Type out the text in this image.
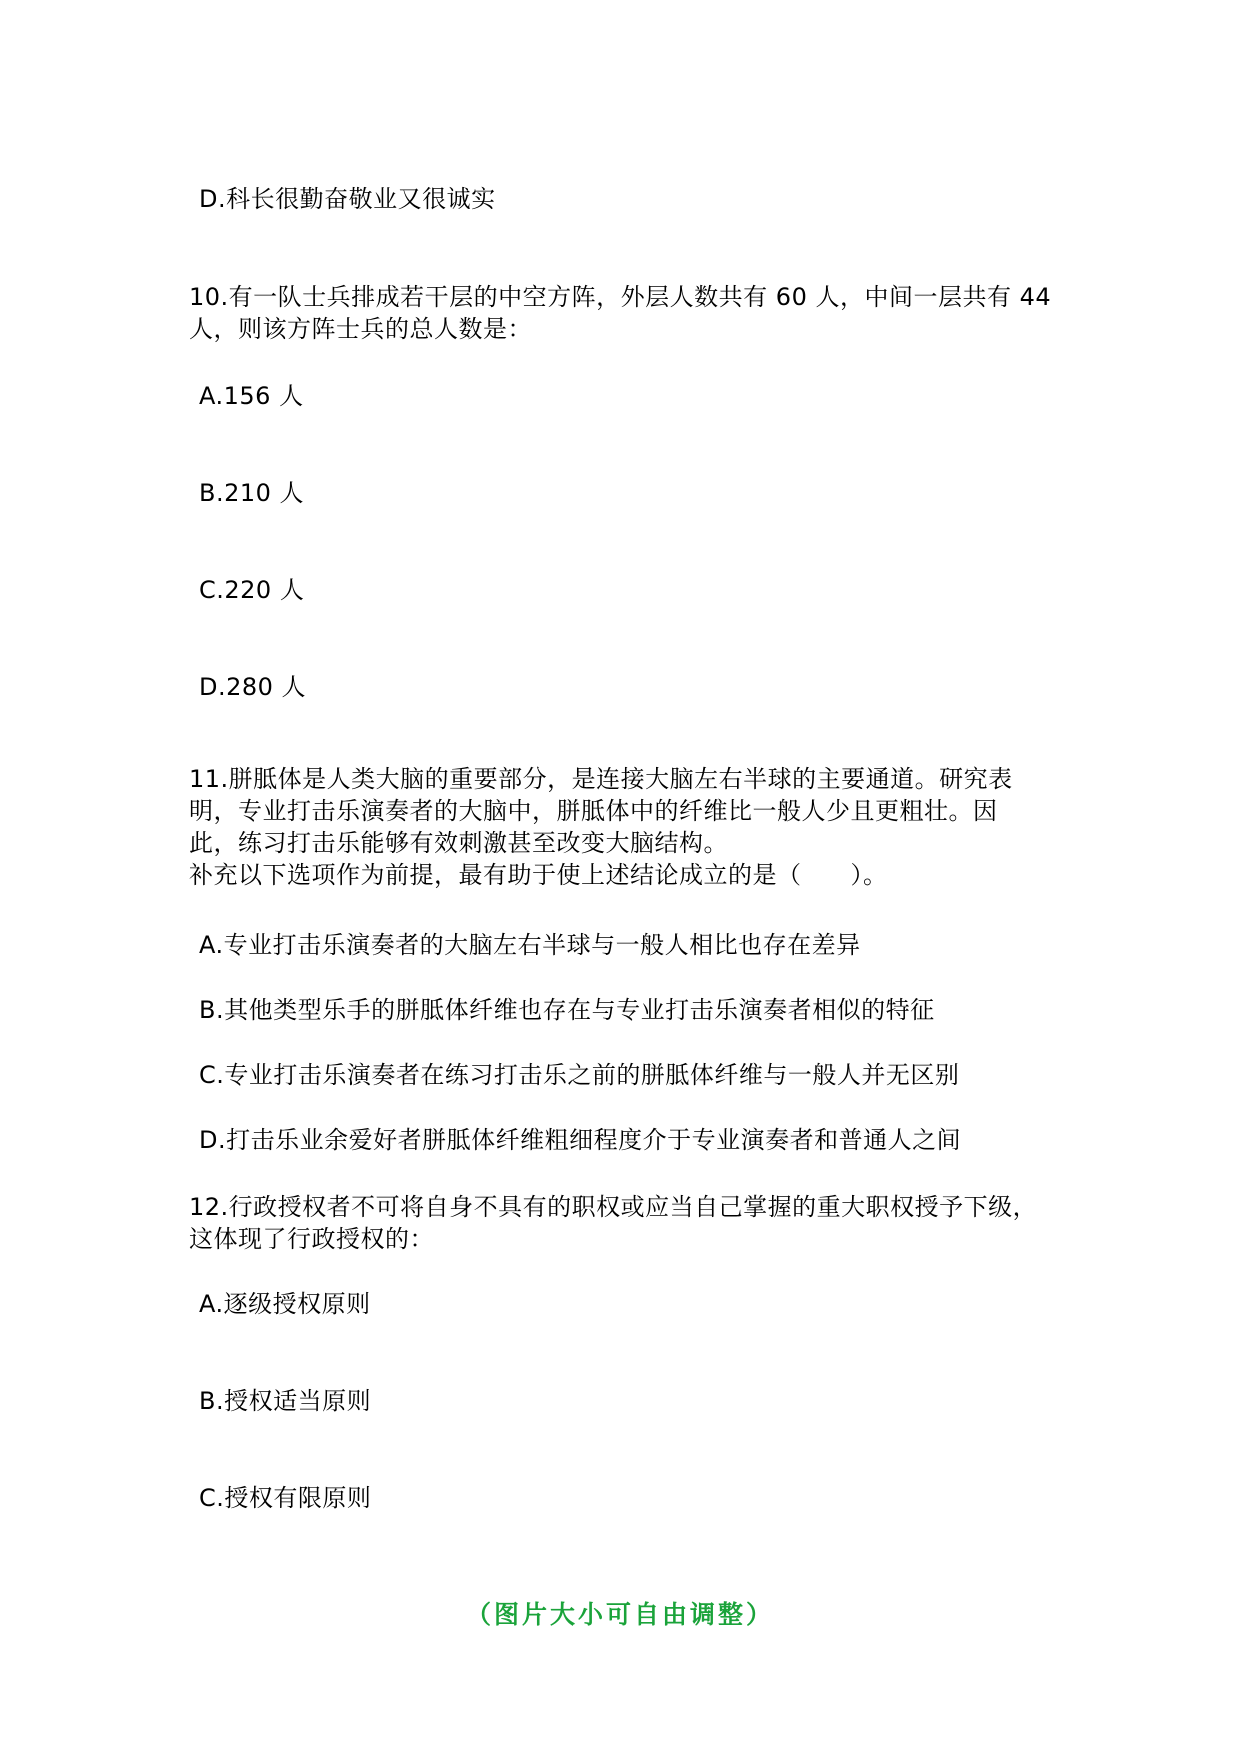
D.科长很勤奋敬业又很诚实
10.有一队士兵排成若干层的中空方阵，外层人数共有 60 人，中间一层共有 44
人，则该方阵士兵的总人数是：
A.156 人
B.210 人
C.220 人
D.280 人
11.胼胝体是人类大脑的重要部分，是连接大脑左右半球的主要通道。研究表
明，专业打击乐演奏者的大脑中，胼胝体中的纤维比一般人少且更粗壮。因
此，练习打击乐能够有效刺激甚至改变大脑结构。
补充以下选项作为前提，最有助于使上述结论成立的是（　　）。
A.专业打击乐演奏者的大脑左右半球与一般人相比也存在差异
B.其他类型乐手的胼胝体纤维也存在与专业打击乐演奏者相似的特征
C.专业打击乐演奏者在练习打击乐之前的胼胝体纤维与一般人并无区别
D.打击乐业余爱好者胼胝体纤维粗细程度介于专业演奏者和普通人之间
12.行政授权者不可将自身不具有的职权或应当自己掌握的重大职权授予下级，
这体现了行政授权的：
A.逐级授权原则
B.授权适当原则
C.授权有限原则
（图片大小可自由调整）
